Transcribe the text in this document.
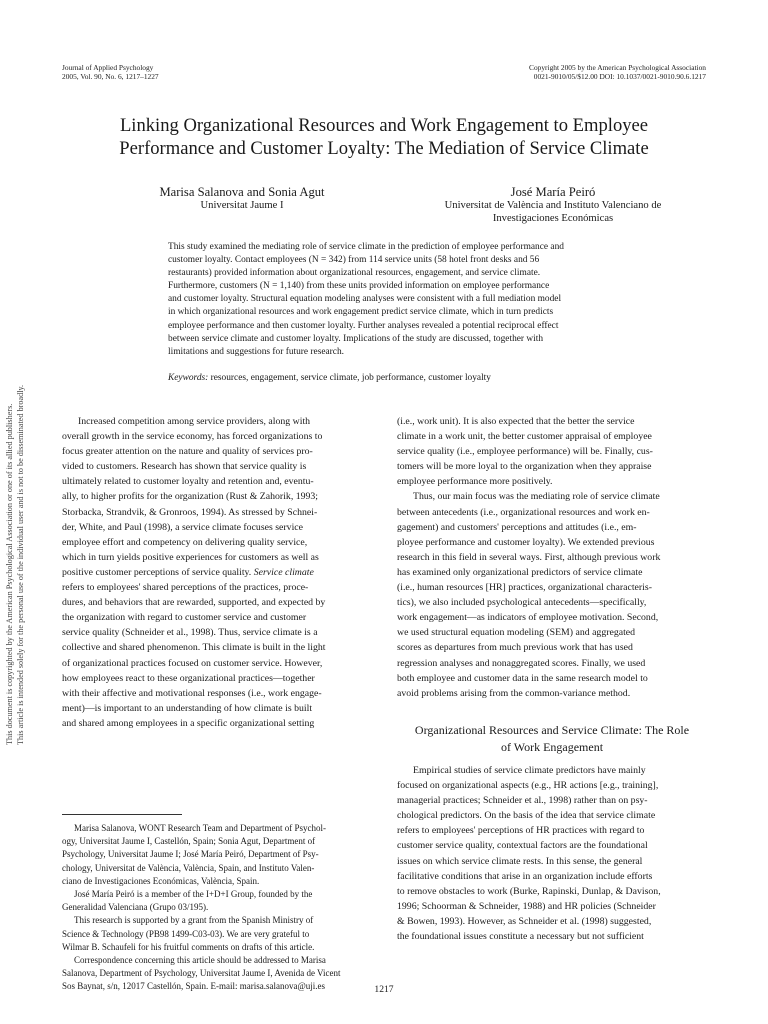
Journal of Applied Psychology
2005, Vol. 90, No. 6, 1217–1227
Copyright 2005 by the American Psychological Association
0021-9010/05/$12.00 DOI: 10.1037/0021-9010.90.6.1217
Linking Organizational Resources and Work Engagement to Employee
Performance and Customer Loyalty: The Mediation of Service Climate
Marisa Salanova and Sonia Agut
Universitat Jaume I
José María Peiró
Universitat de València and Instituto Valenciano de
Investigaciones Económicas
This study examined the mediating role of service climate in the prediction of employee performance and
customer loyalty. Contact employees (N = 342) from 114 service units (58 hotel front desks and 56
restaurants) provided information about organizational resources, engagement, and service climate.
Furthermore, customers (N = 1,140) from these units provided information on employee performance
and customer loyalty. Structural equation modeling analyses were consistent with a full mediation model
in which organizational resources and work engagement predict service climate, which in turn predicts
employee performance and then customer loyalty. Further analyses revealed a potential reciprocal effect
between service climate and customer loyalty. Implications of the study are discussed, together with
limitations and suggestions for future research.
Keywords: resources, engagement, service climate, job performance, customer loyalty
This document is copyrighted by the American Psychological Association or one of its allied publishers. This article is intended solely for the personal use of the individual user and is not to be disseminated broadly.	Increased competition among service providers, along with
overall growth in the service economy, has forced organizations to
focus greater attention on the nature and quality of services pro-
vided to customers. Research has shown that service quality is
ultimately related to customer loyalty and retention and, eventu-
ally, to higher profits for the organization (Rust & Zahorik, 1993;
Storbacka, Strandvik, & Gronroos, 1994). As stressed by Schnei-
der, White, and Paul (1998), a service climate focuses service
employee effort and competency on delivering quality service,
which in turn yields positive experiences for customers as well as
positive customer perceptions of service quality. Service climate
refers to employees' shared perceptions of the practices, proce-
dures, and behaviors that are rewarded, supported, and expected by
the organization with regard to customer service and customer
service quality (Schneider et al., 1998). Thus, service climate is a
collective and shared phenomenon. This climate is built in the light
of organizational practices focused on customer service. However,
how employees react to these organizational practices—together
with their affective and motivational responses (i.e., work engage-
ment)—is important to an understanding of how climate is built
and shared among employees in a specific organizational setting
Marisa Salanova, WONT Research Team and Department of Psychol-
ogy, Universitat Jaume I, Castellón, Spain; Sonia Agut, Department of
Psychology, Universitat Jaume I; José María Peiró, Department of Psy-
chology, Universitat de València, València, Spain, and Instituto Valen-
ciano de Investigaciones Económicas, València, Spain.
José María Peiró is a member of the I+D+I Group, founded by the
Generalidad Valenciana (Grupo 03/195).
This research is supported by a grant from the Spanish Ministry of
Science & Technology (PB98 1499-C03-03). We are very grateful to
Wilmar B. Schaufeli for his fruitful comments on drafts of this article.
Correspondence concerning this article should be addressed to Marisa
Salanova, Department of Psychology, Universitat Jaume I, Avenida de Vicent
Sos Baynat, s/n, 12017 Castellón, Spain. E-mail: marisa.salanova@uji.es
(i.e., work unit). It is also expected that the better the service
climate in a work unit, the better customer appraisal of employee
service quality (i.e., employee performance) will be. Finally, cus-
tomers will be more loyal to the organization when they appraise
employee performance more positively.
Thus, our main focus was the mediating role of service climate
between antecedents (i.e., organizational resources and work en-
gagement) and customers' perceptions and attitudes (i.e., em-
ployee performance and customer loyalty). We extended previous
research in this field in several ways. First, although previous work
has examined only organizational predictors of service climate
(i.e., human resources [HR] practices, organizational characteris-
tics), we also included psychological antecedents—specifically,
work engagement—as indicators of employee motivation. Second,
we used structural equation modeling (SEM) and aggregated
scores as departures from much previous work that has used
regression analyses and nonaggregated scores. Finally, we used
both employee and customer data in the same research model to
avoid problems arising from the common-variance method.
Organizational Resources and Service Climate: The Role
of Work Engagement
Empirical studies of service climate predictors have mainly
focused on organizational aspects (e.g., HR actions [e.g., training],
managerial practices; Schneider et al., 1998) rather than on psy-
chological predictors. On the basis of the idea that service climate
refers to employees' perceptions of HR practices with regard to
customer service quality, contextual factors are the foundational
issues on which service climate rests. In this sense, the general
facilitative conditions that arise in an organization include efforts
to remove obstacles to work (Burke, Rapinski, Dunlap, & Davison,
1996; Schoorman & Schneider, 1988) and HR policies (Schneider
& Bowen, 1993). However, as Schneider et al. (1998) suggested,
the foundational issues constitute a necessary but not sufficient
1217
